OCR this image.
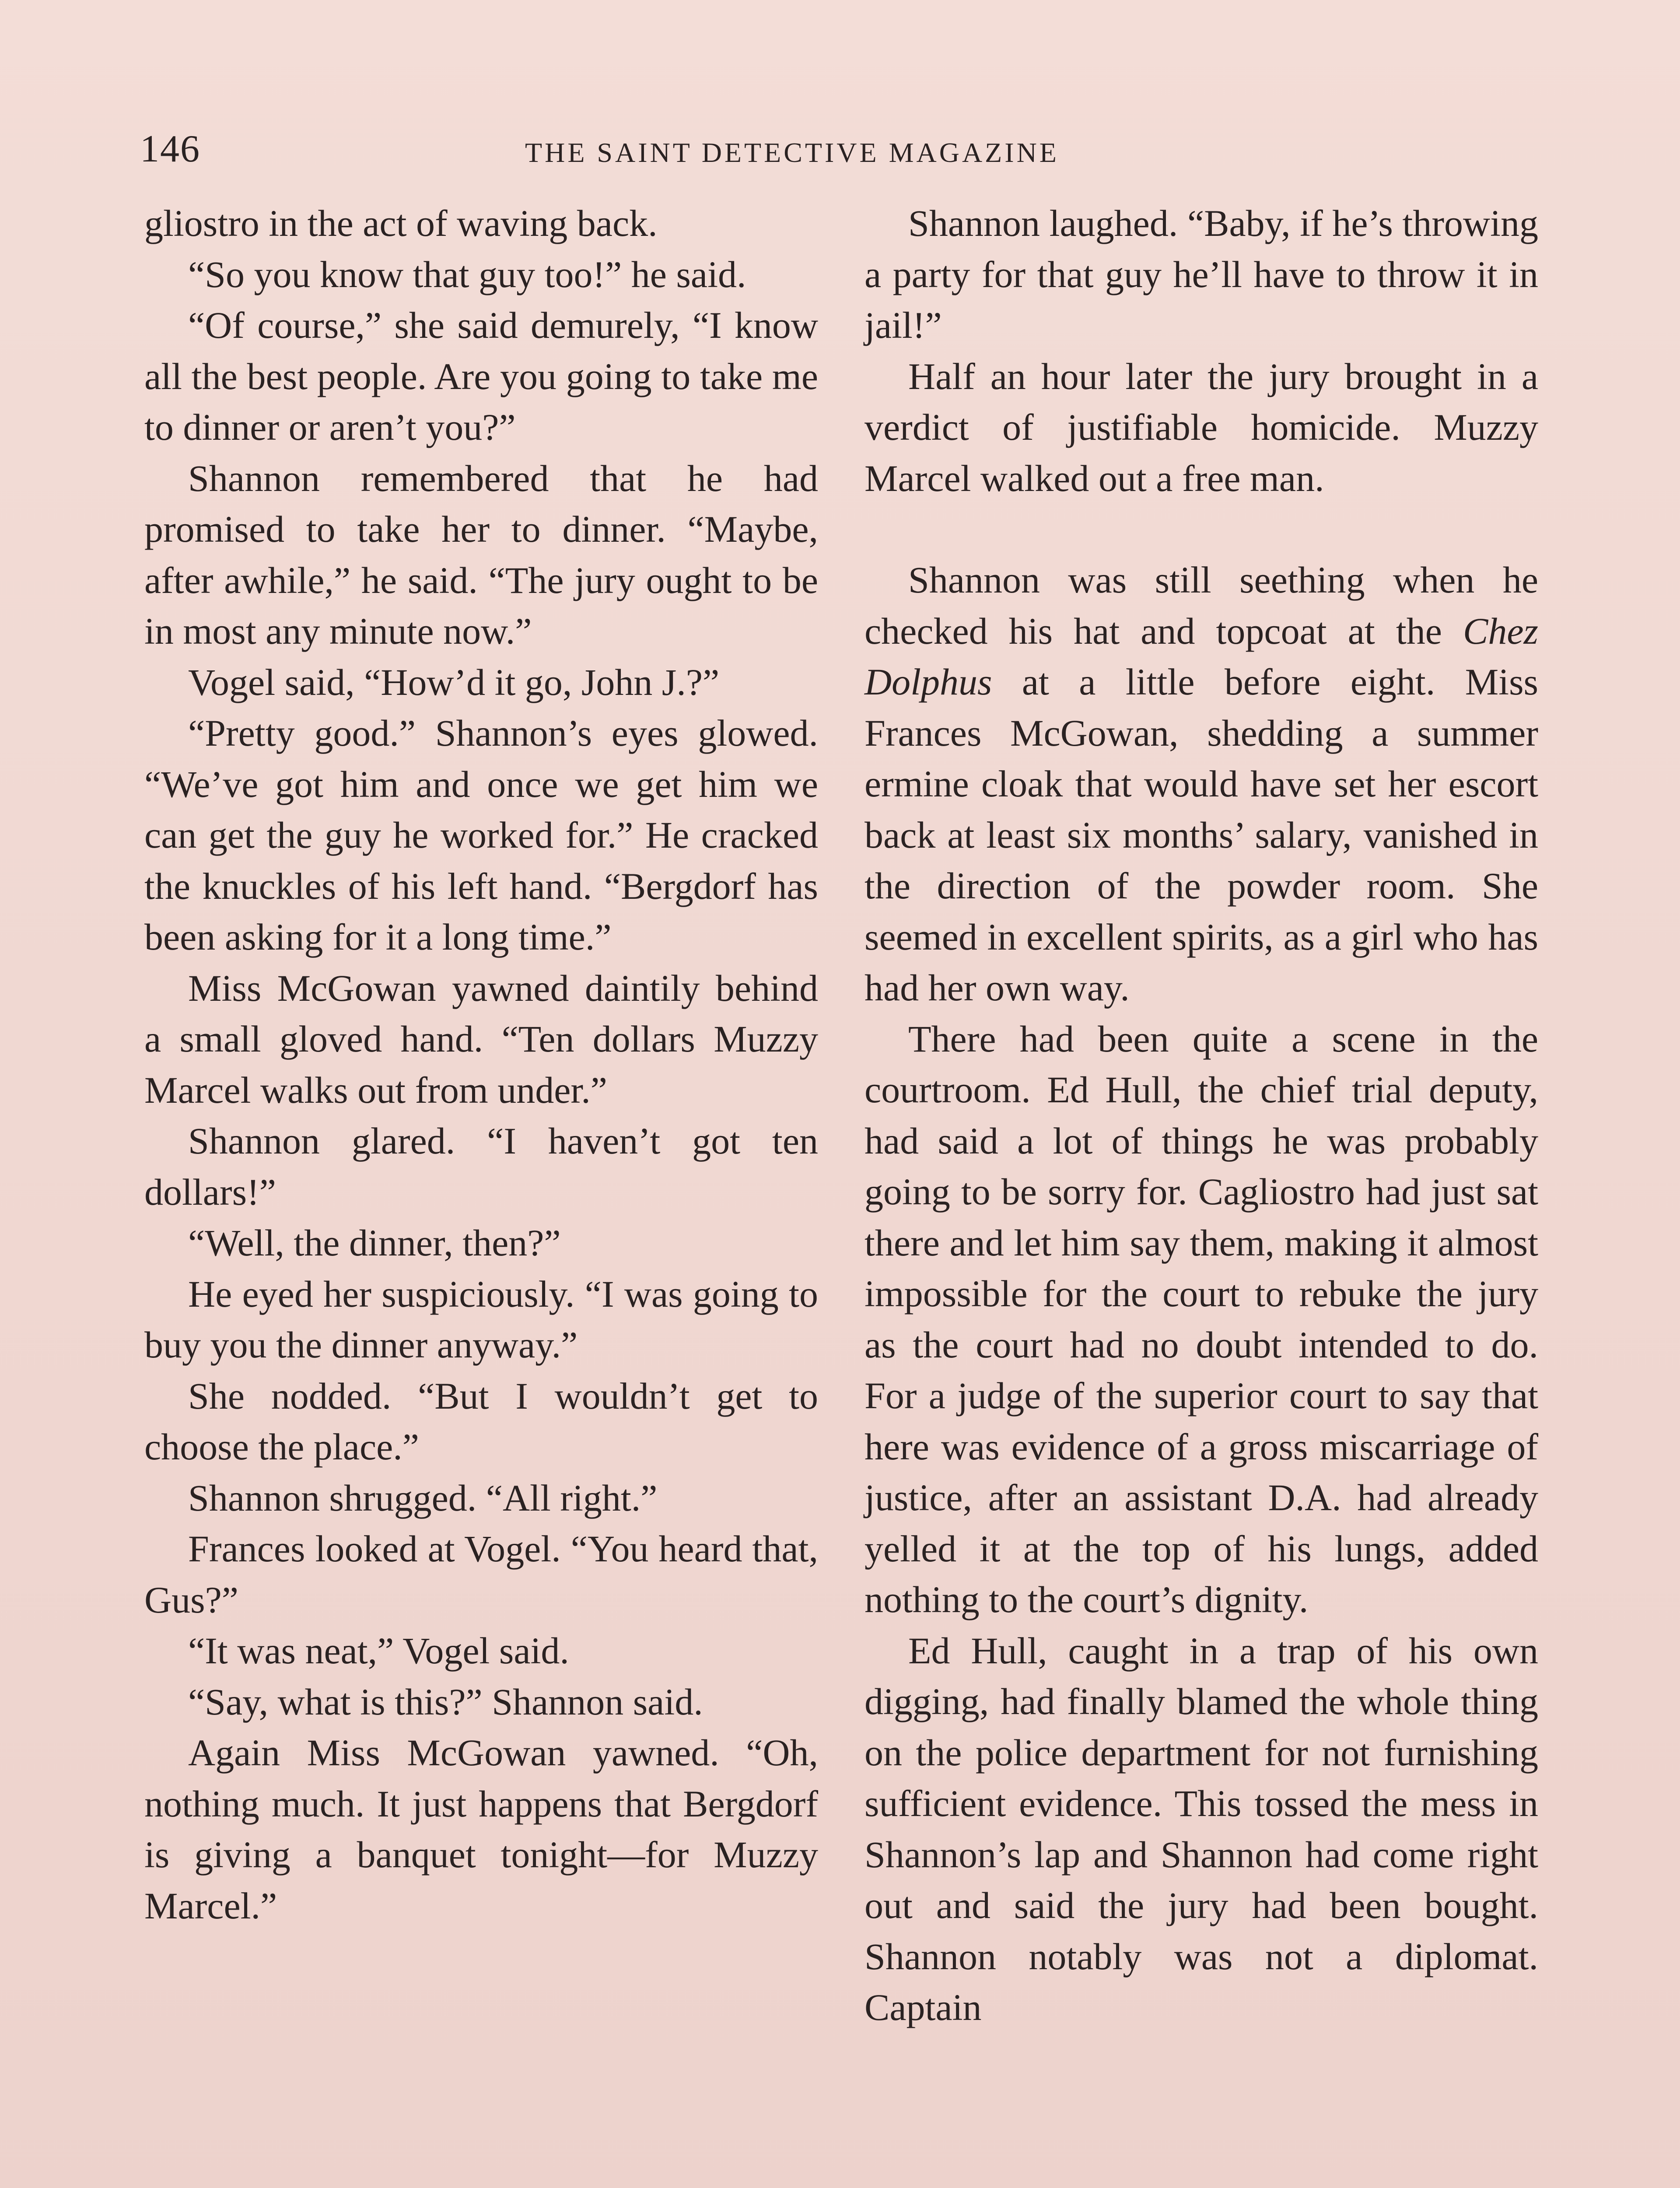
146	THE SAINT DETECTIVE MAGAZINE

gliostro in the act of waving back.

“So you know that guy too!” he said.

“Of course,” she said demurely, “I know all the best people. Are you going to take me to dinner or aren’t you?”

Shannon remembered that he had promised to take her to dinner. “Maybe, after awhile,” he said. “The jury ought to be in most any minute now.”

Vogel said, “How’d it go, John J.?”

“Pretty good.” Shannon’s eyes glowed. “We’ve got him and once we get him we can get the guy he worked for.” He cracked the knuckles of his left hand. “Bergdorf has been asking for it a long time.”

Miss McGowan yawned daintily behind a small gloved hand. “Ten dollars Muzzy Marcel walks out from under.”

Shannon glared. “I haven’t got ten dollars!”

“Well, the dinner, then?”

He eyed her suspiciously. “I was going to buy you the dinner anyway.”

She nodded. “But I wouldn’t get to choose the place.”

Shannon shrugged. “All right.”

Frances looked at Vogel. “You heard that, Gus?”

“It was neat,” Vogel said.

“Say, what is this?” Shannon said.

Again Miss McGowan yawned. “Oh, nothing much. It just happens that Bergdorf is giving a banquet tonight—for Muzzy Marcel.”

Shannon laughed. “Baby, if he’s throwing a party for that guy he’ll have to throw it in jail!”

Half an hour later the jury brought in a verdict of justifiable homicide. Muzzy Marcel walked out a free man.

Shannon was still seething when he checked his hat and topcoat at the Chez Dolphus at a little before eight. Miss Frances McGowan, shedding a summer ermine cloak that would have set her escort back at least six months’ salary, vanished in the direction of the powder room. She seemed in excellent spirits, as a girl who has had her own way.

There had been quite a scene in the courtroom. Ed Hull, the chief trial deputy, had said a lot of things he was probably going to be sorry for. Cagliostro had just sat there and let him say them, making it almost impossible for the court to rebuke the jury as the court had no doubt intended to do. For a judge of the superior court to say that here was evidence of a gross miscarriage of justice, after an assistant D.A. had already yelled it at the top of his lungs, added nothing to the court’s dignity.

Ed Hull, caught in a trap of his own digging, had finally blamed the whole thing on the police department for not furnishing sufficient evidence. This tossed the mess in Shannon’s lap and Shannon had come right out and said the jury had been bought. Shannon notably was not a diplomat. Captain
